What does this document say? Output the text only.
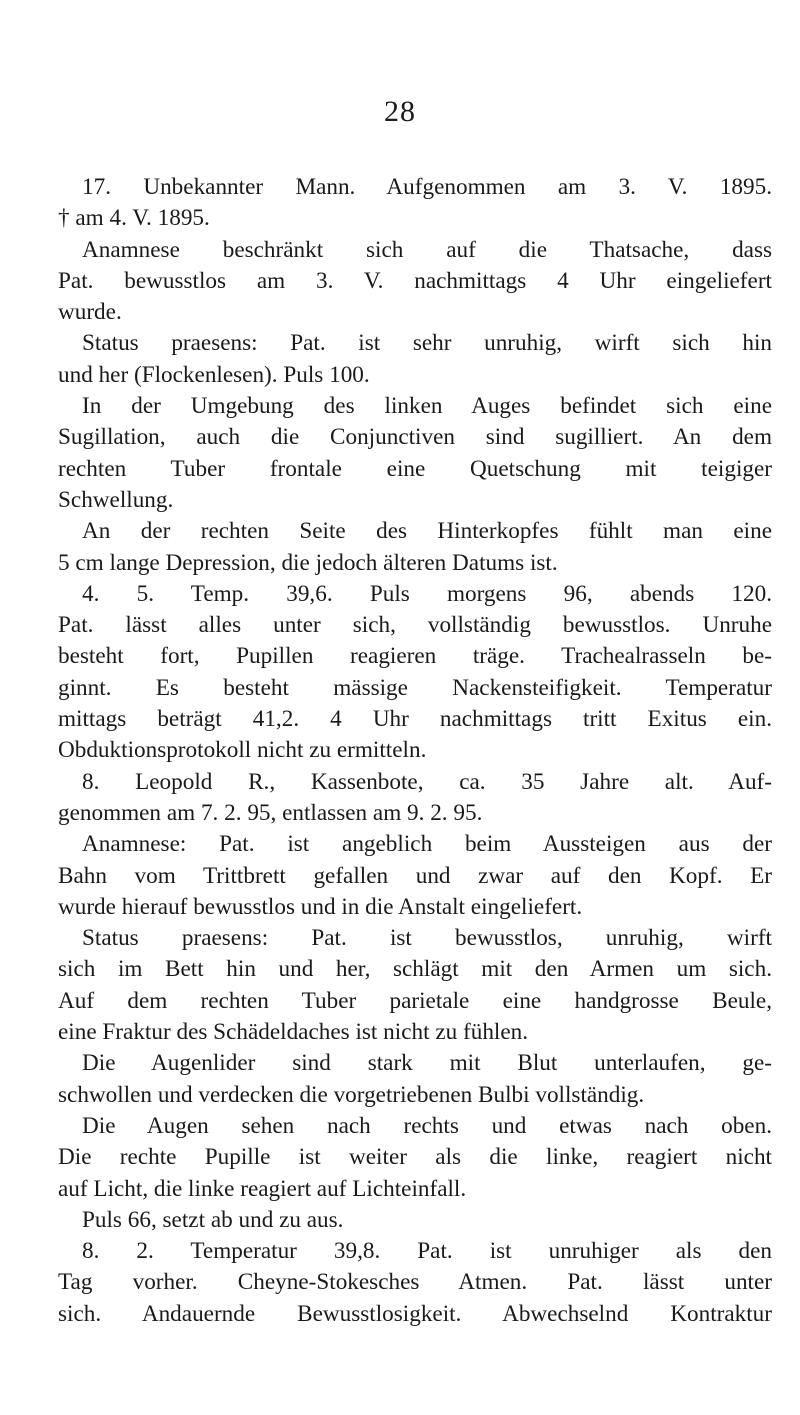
28
17. Unbekannter Mann. Aufgenommen am 3. V. 1895.
† am 4. V. 1895.
Anamnese beschränkt sich auf die Thatsache, dass
Pat. bewusstlos am 3. V. nachmittags 4 Uhr eingeliefert
wurde.
Status praesens: Pat. ist sehr unruhig, wirft sich hin
und her (Flockenlesen). Puls 100.
In der Umgebung des linken Auges befindet sich eine
Sugillation, auch die Conjunctiven sind sugilliert. An dem
rechten Tuber frontale eine Quetschung mit teigiger
Schwellung.
An der rechten Seite des Hinterkopfes fühlt man eine
5 cm lange Depression, die jedoch älteren Datums ist.
4. 5. Temp. 39,6. Puls morgens 96, abends 120.
Pat. lässt alles unter sich, vollständig bewusstlos. Unruhe
besteht fort, Pupillen reagieren träge. Trachealrasseln be-
ginnt. Es besteht mässige Nackensteifigkeit. Temperatur
mittags beträgt 41,2. 4 Uhr nachmittags tritt Exitus ein.
Obduktionsprotokoll nicht zu ermitteln.
8. Leopold R., Kassenbote, ca. 35 Jahre alt. Auf-
genommen am 7. 2. 95, entlassen am 9. 2. 95.
Anamnese: Pat. ist angeblich beim Aussteigen aus der
Bahn vom Trittbrett gefallen und zwar auf den Kopf. Er
wurde hierauf bewusstlos und in die Anstalt eingeliefert.
Status praesens: Pat. ist bewusstlos, unruhig, wirft
sich im Bett hin und her, schlägt mit den Armen um sich.
Auf dem rechten Tuber parietale eine handgrosse Beule,
eine Fraktur des Schädeldaches ist nicht zu fühlen.
Die Augenlider sind stark mit Blut unterlaufen, ge-
schwollen und verdecken die vorgetriebenen Bulbi vollständig.
Die Augen sehen nach rechts und etwas nach oben.
Die rechte Pupille ist weiter als die linke, reagiert nicht
auf Licht, die linke reagiert auf Lichteinfall.
Puls 66, setzt ab und zu aus.
8. 2. Temperatur 39,8. Pat. ist unruhiger als den
Tag vorher. Cheyne-Stokesches Atmen. Pat. lässt unter
sich. Andauernde Bewusstlosigkeit. Abwechselnd Kontraktur
